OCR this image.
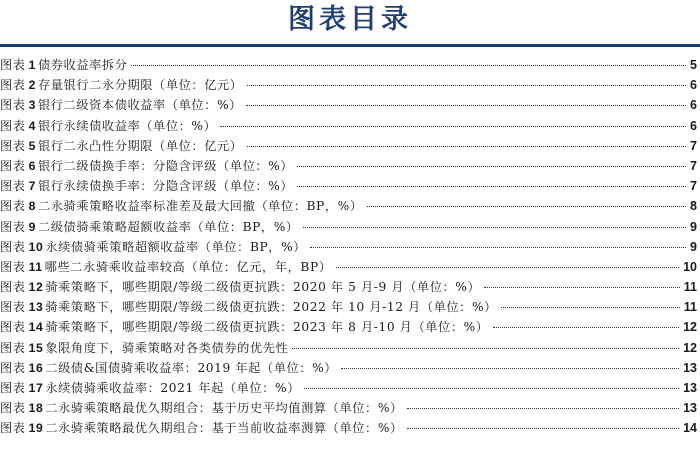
图表目录
图表 1 债券收益率拆分	5
图表 2 存量银行二永分期限（单位：亿元）	6
图表 3 银行二级资本债收益率（单位：%）	6
图表 4 银行永续债收益率（单位：%）	6
图表 5 银行二永凸性分期限（单位：亿元）	7
图表 6 银行二级债换手率：分隐含评级（单位：%）	7
图表 7 银行永续债换手率：分隐含评级（单位：%）	7
图表 8 二永骑乘策略收益率标准差及最大回撤（单位：BP，%）	8
图表 9 二级债骑乘策略超额收益率（单位：BP，%）	9
图表 10 永续债骑乘策略超额收益率（单位：BP，%）	9
图表 11 哪些二永骑乘收益率较高（单位：亿元，年，BP）	10
图表 12 骑乘策略下，哪些期限/等级二级债更抗跌：2020 年 5 月-9 月（单位：%）	11
图表 13 骑乘策略下，哪些期限/等级二级债更抗跌：2022 年 10 月-12 月（单位：%）	11
图表 14 骑乘策略下，哪些期限/等级二级债更抗跌：2023 年 8 月-10 月（单位：%）	12
图表 15 象限角度下，骑乘策略对各类债券的优先性	12
图表 16 二级债&国债骑乘收益率：2019 年起（单位：%）	13
图表 17 永续债骑乘收益率：2021 年起（单位：%）	13
图表 18 二永骑乘策略最优久期组合：基于历史平均值测算（单位：%）	13
图表 19 二永骑乘策略最优久期组合：基于当前收益率测算（单位：%）	14
